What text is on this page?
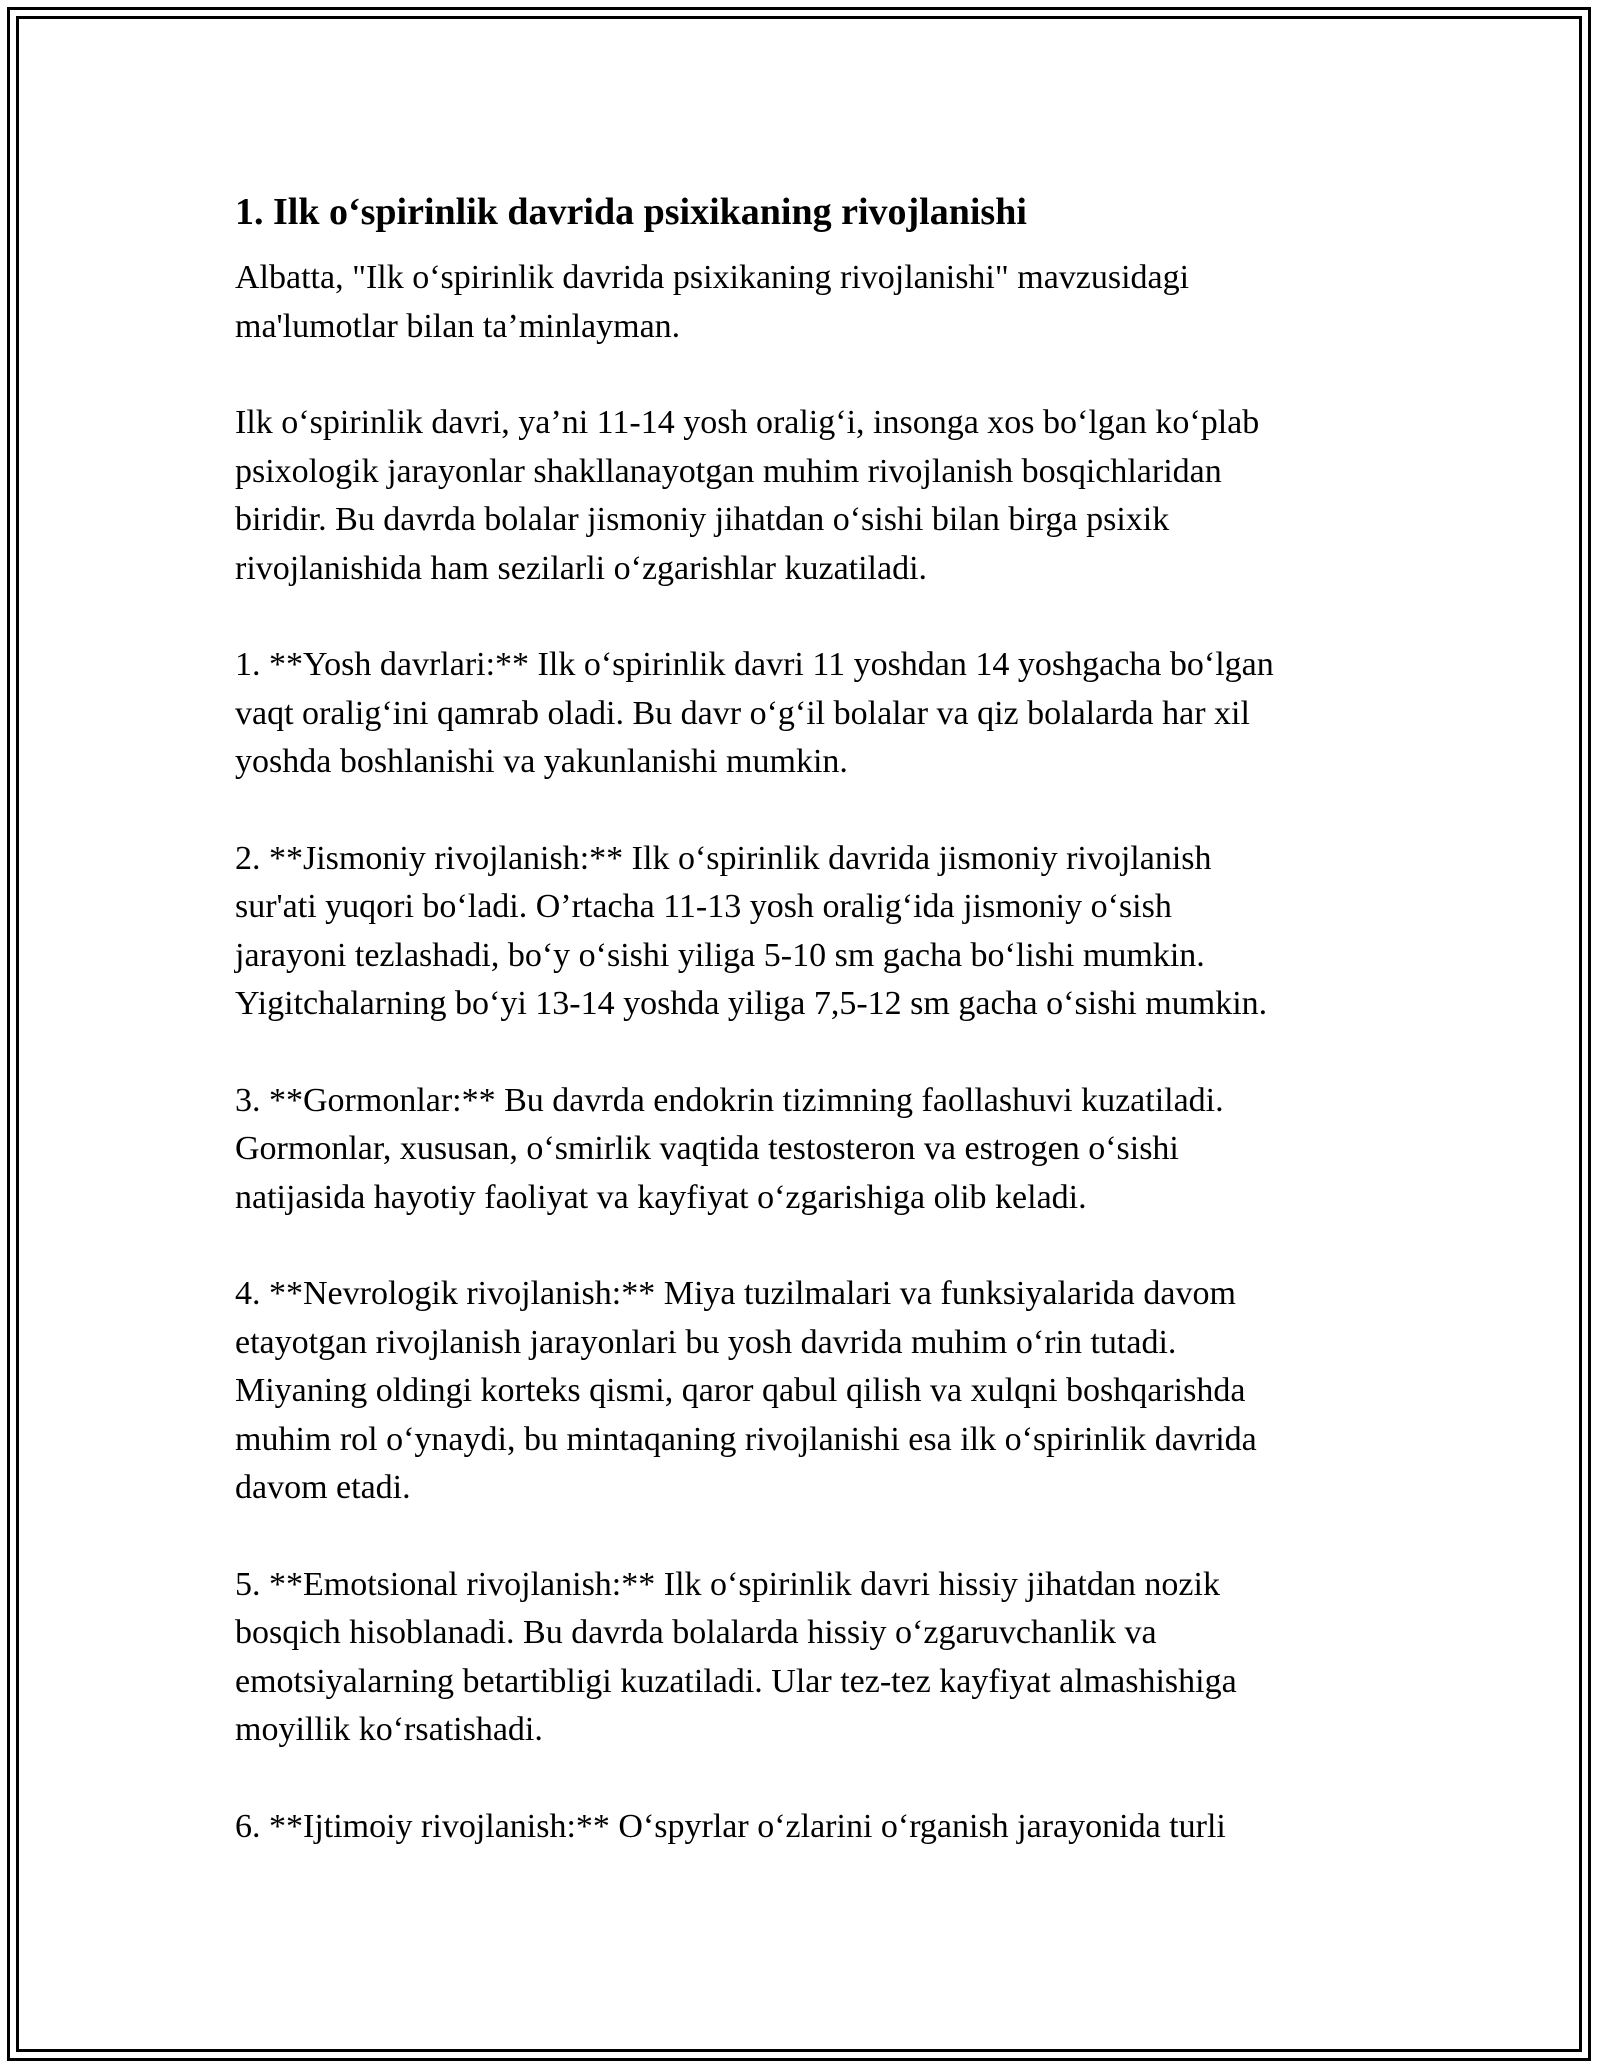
1. Ilk o‘spirinlik davrida psixikaning rivojlanishi

Albatta, "Ilk o‘spirinlik davrida psixikaning rivojlanishi" mavzusidagi
ma'lumotlar bilan ta’minlayman.

Ilk o‘spirinlik davri, ya’ni 11-14 yosh oralig‘i, insonga xos bo‘lgan ko‘plab
psixologik jarayonlar shakllanayotgan muhim rivojlanish bosqichlaridan
biridir. Bu davrda bolalar jismoniy jihatdan o‘sishi bilan birga psixik
rivojlanishida ham sezilarli o‘zgarishlar kuzatiladi.

1. **Yosh davrlari:** Ilk o‘spirinlik davri 11 yoshdan 14 yoshgacha bo‘lgan
vaqt oralig‘ini qamrab oladi. Bu davr o‘g‘il bolalar va qiz bolalarda har xil
yoshda boshlanishi va yakunlanishi mumkin.

2. **Jismoniy rivojlanish:** Ilk o‘spirinlik davrida jismoniy rivojlanish
sur'ati yuqori bo‘ladi. O’rtacha 11-13 yosh oralig‘ida jismoniy o‘sish
jarayoni tezlashadi, bo‘y o‘sishi yiliga 5-10 sm gacha bo‘lishi mumkin.
Yigitchalarning bo‘yi 13-14 yoshda yiliga 7,5-12 sm gacha o‘sishi mumkin.

3. **Gormonlar:** Bu davrda endokrin tizimning faollashuvi kuzatiladi.
Gormonlar, xususan, o‘smirlik vaqtida testosteron va estrogen o‘sishi
natijasida hayotiy faoliyat va kayfiyat o‘zgarishiga olib keladi.

4. **Nevrologik rivojlanish:** Miya tuzilmalari va funksiyalarida davom
etayotgan rivojlanish jarayonlari bu yosh davrida muhim o‘rin tutadi.
Miyaning oldingi korteks qismi, qaror qabul qilish va xulqni boshqarishda
muhim rol o‘ynaydi, bu mintaqaning rivojlanishi esa ilk o‘spirinlik davrida
davom etadi.

5. **Emotsional rivojlanish:** Ilk o‘spirinlik davri hissiy jihatdan nozik
bosqich hisoblanadi. Bu davrda bolalarda hissiy o‘zgaruvchanlik va
emotsiyalarning betartibligi kuzatiladi. Ular tez-tez kayfiyat almashishiga
moyillik ko‘rsatishadi.

6. **Ijtimoiy rivojlanish:** O‘spyrlar o‘zlarini o‘rganish jarayonida turli
